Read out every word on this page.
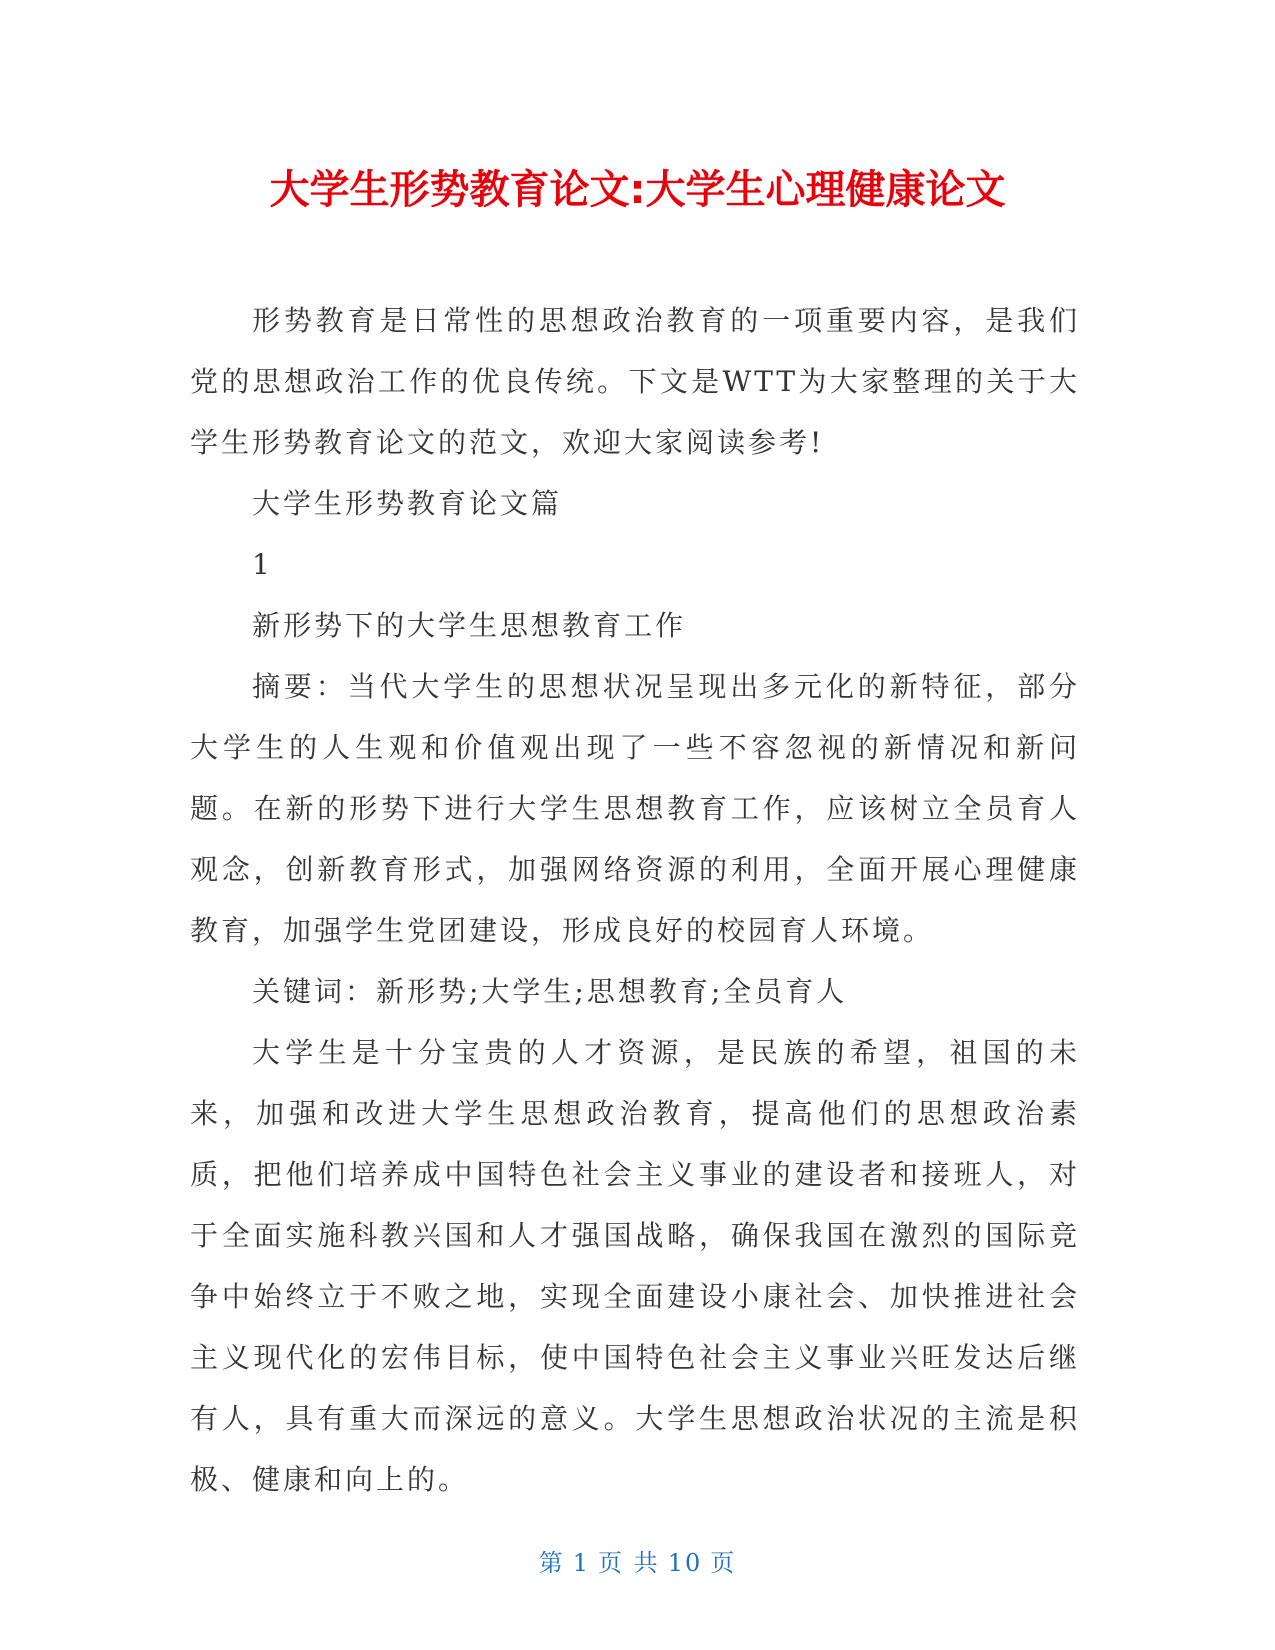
大学生形势教育论文:大学生心理健康论文

形势教育是日常性的思想政治教育的一项重要内容，是我们党的思想政治工作的优良传统。下文是WTT为大家整理的关于大学生形势教育论文的范文，欢迎大家阅读参考!

大学生形势教育论文篇

1

新形势下的大学生思想教育工作

摘要：当代大学生的思想状况呈现出多元化的新特征，部分大学生的人生观和价值观出现了一些不容忽视的新情况和新问题。在新的形势下进行大学生思想教育工作，应该树立全员育人观念，创新教育形式，加强网络资源的利用，全面开展心理健康教育，加强学生党团建设，形成良好的校园育人环境。

关键词：新形势;大学生;思想教育;全员育人

大学生是十分宝贵的人才资源，是民族的希望，祖国的未来，加强和改进大学生思想政治教育，提高他们的思想政治素质，把他们培养成中国特色社会主义事业的建设者和接班人，对于全面实施科教兴国和人才强国战略，确保我国在激烈的国际竞争中始终立于不败之地，实现全面建设小康社会、加快推进社会主义现代化的宏伟目标，使中国特色社会主义事业兴旺发达后继有人，具有重大而深远的意义。大学生思想政治状况的主流是积极、健康和向上的。

第 1 页 共 10 页
